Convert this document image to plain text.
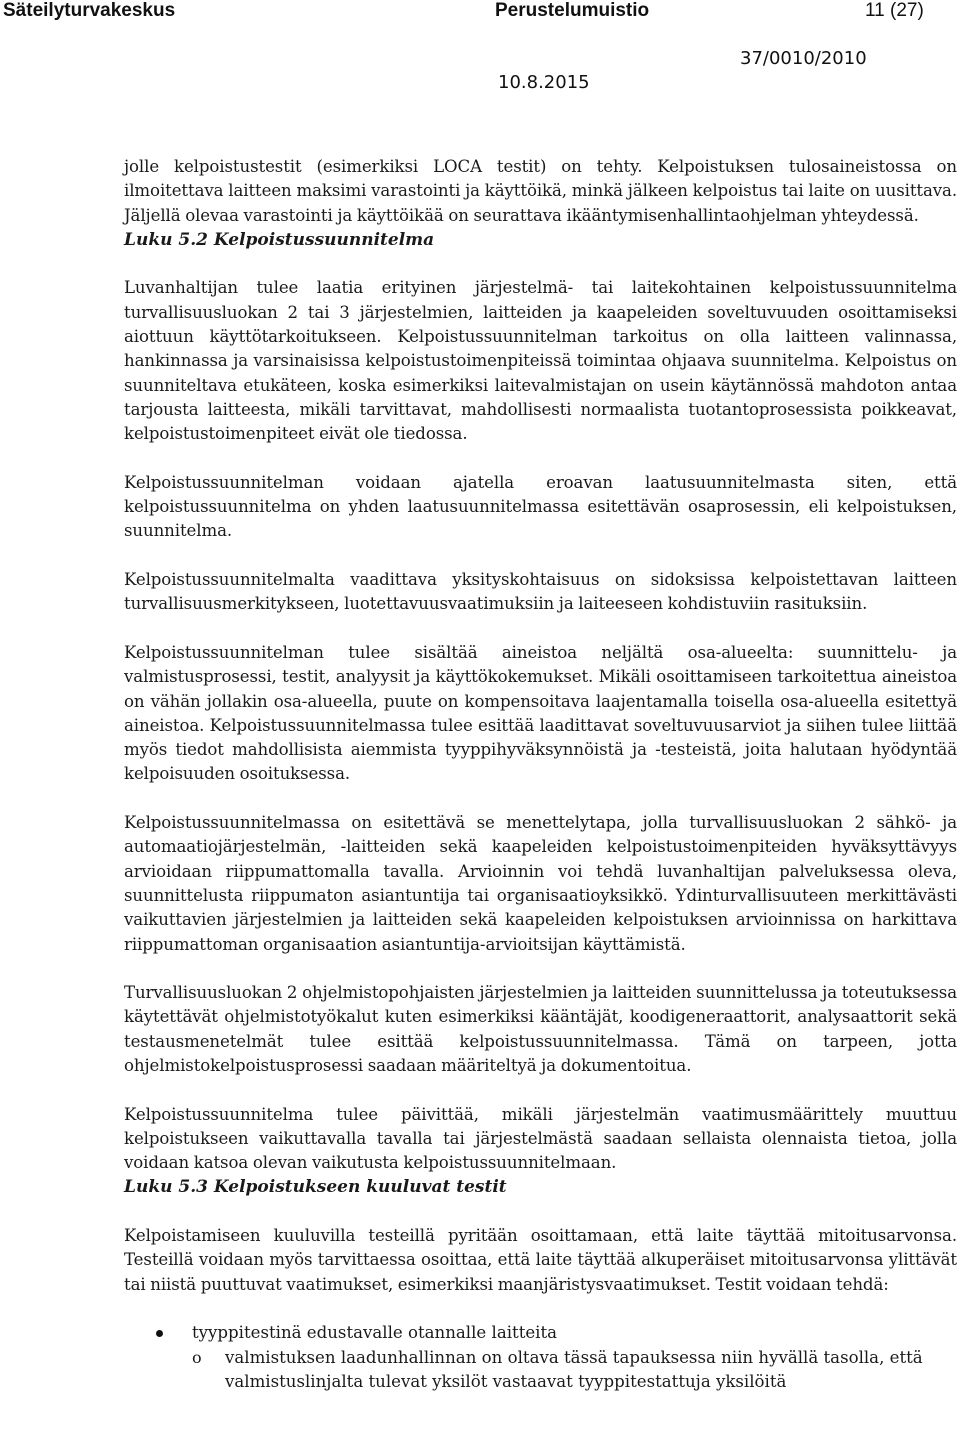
Säteilyturvakeskus	Perustelumuistio	11 (27)
37/0010/2010
10.8.2015

jolle kelpoistustestit (esimerkiksi LOCA testit) on tehty. Kelpoistuksen tulosaineistossa on ilmoitettava laitteen maksimi varastointi ja käyttöikä, minkä jälkeen kelpoistus tai laite on uusittava. Jäljellä olevaa varastointi ja käyttöikää on seurattava ikääntymisenhallintaohjelman yhteydessä.

Luku 5.2 Kelpoistussuunnitelma

Luvanhaltijan tulee laatia erityinen järjestelmä- tai laitekohtainen kelpoistussuunnitelma turvallisuusluokan 2 tai 3 järjestelmien, laitteiden ja kaapeleiden soveltuvuuden osoittamiseksi aiottuun käyttötarkoitukseen. Kelpoistussuunnitelman tarkoitus on olla laitteen valinnassa, hankinnassa ja varsinaisissa kelpoistustoimenpiteissä toimintaa ohjaava suunnitelma. Kelpoistus on suunniteltava etukäteen, koska esimerkiksi laitevalmistajan on usein käytännössä mahdoton antaa tarjousta laitteesta, mikäli tarvittavat, mahdollisesti normaalista tuotantoprosessista poikkeavat, kelpoistustoimenpiteet eivät ole tiedossa.

Kelpoistussuunnitelman voidaan ajatella eroavan laatusuunnitelmasta siten, että kelpoistussuunnitelma on yhden laatusuunnitelmassa esitettävän osaprosessin, eli kelpoistuksen, suunnitelma.

Kelpoistussuunnitelmalta vaadittava yksityskohtaisuus on sidoksissa kelpoistettavan laitteen turvallisuusmerkitykseen, luotettavuusvaatimuksiin ja laiteeseen kohdistuviin rasituksiin.

Kelpoistussuunnitelman tulee sisältää aineistoa neljältä osa-alueelta: suunnittelu- ja valmistusprosessi, testit, analyysit ja käyttökokemukset. Mikäli osoittamiseen tarkoitettua aineistoa on vähän jollakin osa-alueella, puute on kompensoitava laajentamalla toisella osa-alueella esitettyä aineistoa. Kelpoistussuunnitelmassa tulee esittää laadittavat soveltuvuusarviot ja siihen tulee liittää myös tiedot mahdollisista aiemmista tyyppihyväksynnöistä ja -testeistä, joita halutaan hyödyntää kelpoisuuden osoituksessa.

Kelpoistussuunnitelmassa on esitettävä se menettelytapa, jolla turvallisuusluokan 2 sähkö- ja automaatiojärjestelmän, -laitteiden sekä kaapeleiden kelpoistustoimenpiteiden hyväksyttävyys arvioidaan riippumattomalla tavalla. Arvioinnin voi tehdä luvanhaltijan palveluksessa oleva, suunnittelusta riippumaton asiantuntija tai organisaatioyksikkö. Ydinturvallisuuteen merkittävästi vaikuttavien järjestelmien ja laitteiden sekä kaapeleiden kelpoistuksen arvioinnissa on harkittava riippumattoman organisaation asiantuntija-arvioitsijan käyttämistä.

Turvallisuusluokan 2 ohjelmistopohjaisten järjestelmien ja laitteiden suunnittelussa ja toteutuksessa käytettävät ohjelmistotyökalut kuten esimerkiksi kääntäjät, koodigeneraattorit, analysaattorit sekä testausmenetelmät tulee esittää kelpoistussuunnitelmassa. Tämä on tarpeen, jotta ohjelmistokelpoistusprosessi saadaan määriteltyä ja dokumentoitua.

Kelpoistussuunnitelma tulee päivittää, mikäli järjestelmän vaatimusmäärittely muuttuu kelpoistukseen vaikuttavalla tavalla tai järjestelmästä saadaan sellaista olennaista tietoa, jolla voidaan katsoa olevan vaikutusta kelpoistussuunnitelmaan.

Luku 5.3 Kelpoistukseen kuuluvat testit

Kelpoistamiseen kuuluvilla testeillä pyritään osoittamaan, että laite täyttää mitoitusarvonsa. Testeillä voidaan myös tarvittaessa osoittaa, että laite täyttää alkuperäiset mitoitusarvonsa ylittävät tai niistä puuttuvat vaatimukset, esimerkiksi maanjäristysvaatimukset. Testit voidaan tehdä:

tyyppitestinä edustavalle otannalle laitteita
o valmistuksen laadunhallinnan on oltava tässä tapauksessa niin hyvällä tasolla, että valmistuslinjalta tulevat yksilöt vastaavat tyyppitestattuja yksilöitä
